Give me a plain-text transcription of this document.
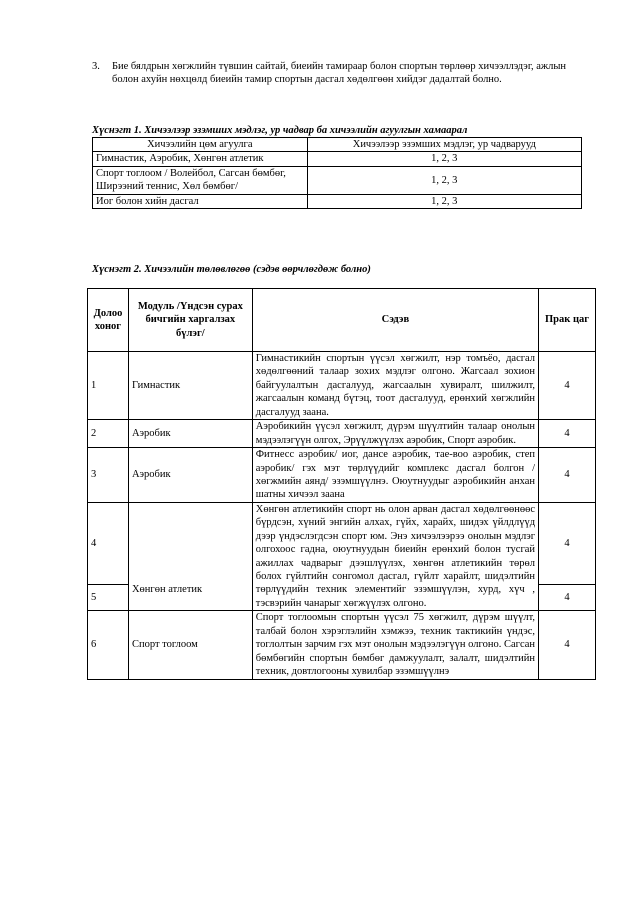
3. Бие бялдрын хөгжлийн түвшин сайтай, биеийн тамираар болон спортын төрлөөр хичээллэдэг, ажлын болон ахуйн нөхцөлд биеийн тамир спортын дасгал хөдөлгөөн хийдэг дадалтай болно.
Хүснэгт 1. Хичээлээр эзэмших мэдлэг, ур чадвар ба хичээлийн агуулгын хамаарал
Хичээлийн цөм агуулга	Хичээлээр эзэмших мэдлэг, ур чадварууд
Гимнастик, Аэробик, Хөнгөн атлетик	1, 2, 3
Спорт тоглоом / Волейбол, Сагсан бөмбөг, Ширээний теннис, Хөл бөмбөг/	1, 2, 3
Иог болон хийн дасгал	1, 2, 3
Хүснэгт 2. Хичээлийн төлөвлөгөө (сэдэв өөрчлөгдөж болно)
Долоо хоног	Модуль /Үндсэн сурах бичгийн харгалзах бүлэг/	Сэдэв	Прак цаг
1	Гимнастик	Гимнастикийн спортын үүсэл хөгжилт, нэр томъёо, дасгал хөдөлгөөний талаар зохих мэдлэг олгоно. Жагсаал зохион байгуулалтын дасгалууд, жагсаалын хувиралт, шилжилт, жагсаалын команд бүтэц, тоот дасгалууд, ерөнхий хөгжлийн дасгалууд заана.	4
2	Аэробик	Аэробикийн үүсэл хөгжилт, дүрэм шүүлтийн талаар онолын мэдээлэгүүн олгох, Эрүүлжүүлэх аэробик, Спорт аэробик.	4
3	Аэробик	Фитнесс аэробик/ иог, дансе аэробик, тае-воо аэробик, степ аэробик/ гэх мэт төрлүүдийг комплекс дасгал болгон /хөгжмийн аянд/ эзэмшүүлнэ. Оюутнуудыг аэробикийн анхан шатны хичээл заана	4
4	Хөнгөн атлетик	Хөнгөн атлетикийн спорт нь олон арван дасгал хөдөлгөөнөөс бүрдсэн, хүний энгийн алхах, гүйх, харайх, шидэх үйлдлүүд дээр үндэслэгдсэн спорт юм. Энэ хичээлээрээ онолын мэдлэг олгохоос гадна, оюутнуудын биеийн ерөнхий болон тусгай ажиллах чадварыг дээшлүүлэх, хөнгөн атлетикийн төрөл болох гүйлтийн сонгомол дасгал, гүйлт харайлт, шидэлтийн төрлүүдийн техник элементийг эзэмшүүлэн, хурд, хүч , тэсвэрийн чанарыг хөгжүүлэх олгоно.	4
5			4
6	Спорт тоглоом	Спорт тоглоомын спортын үүсэл 75 хөгжилт, дүрэм шүүлт, талбай болон хэрэглэлийн хэмжээ, техник тактикийн үндэс, тоглолтын зарчим гэх мэт онолын мэдээлэгүүн олгоно. Сагсан бөмбөгийн спортын бөмбөг дамжуулалт, залалт, шидэлтийн техник, довтлогооны хувилбар эзэмшүүлнэ	4
